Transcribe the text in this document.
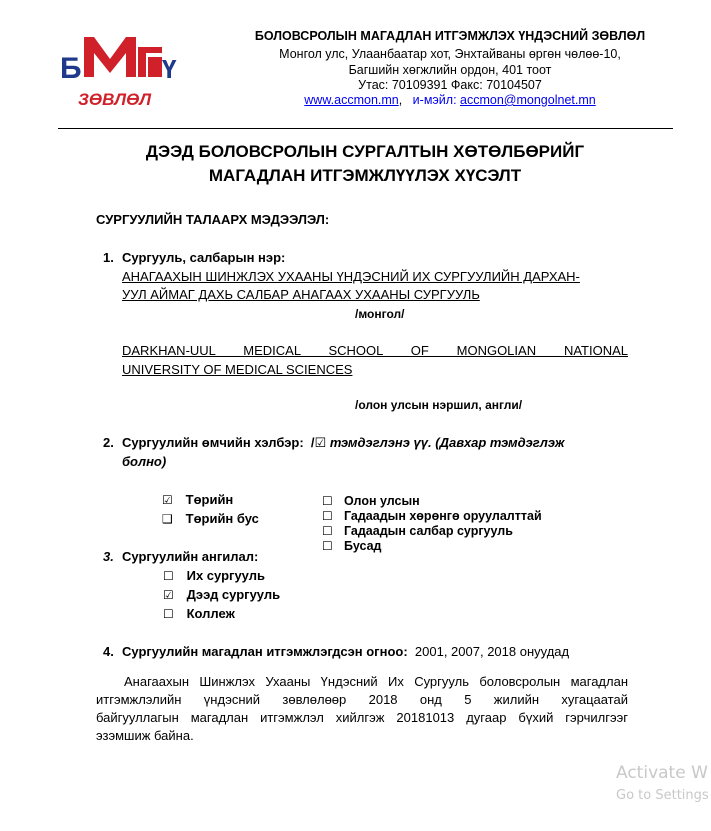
Б	Ү
ЗӨВЛӨЛ
БОЛОВСРОЛЫН МАГАДЛАН ИТГЭМЖЛЭХ ҮНДЭСНИЙ ЗӨВЛӨЛ
Монгол улс, Улаанбаатар хот, Энхтайваны өргөн чөлөө-10,
Багшийн хөгжлийн ордон, 401 тоот
Утас: 70109391 Факс: 70104507
www.accmon.mn,   и-мэйл: accmon@mongolnet.mn
ДЭЭД БОЛОВСРОЛЫН СУРГАЛТЫН ХӨТӨЛБӨРИЙГ
МАГАДЛАН ИТГЭМЖЛҮҮЛЭХ ХҮСЭЛТ
СУРГУУЛИЙН ТАЛААРХ МЭДЭЭЛЭЛ:
1. Сургууль, салбарын нэр:
АНАГААХЫН ШИНЖЛЭХ УХААНЫ ҮНДЭСНИЙ ИХ СУРГУУЛИЙН ДАРХАН-
УУЛ АЙМАГ ДАХЬ САЛБАР АНАГААХ УХААНЫ СУРГУУЛЬ
/монгол/
DARKHAN-UUL MEDICAL SCHOOL OF MONGOLIAN NATIONAL
UNIVERSITY OF MEDICAL SCIENCES
/олон улсын нэршил, англи/
2. Сургуулийн өмчийн хэлбэр: /☑ тэмдэглэнэ үү. (Давхар тэмдэглэж
болно)
☑ Төрийн
❑ Төрийн бус
☐ Олон улсын
☐ Гадаадын хөрөнгө оруулалттай
☐ Гадаадын салбар сургууль
☐ Бусад
3. Сургуулийн ангилал:
☐ Их сургууль
☑ Дээд сургууль
☐ Коллеж
4. Сургуулийн магадлан итгэмжлэгдсэн огноо: 2001, 2007, 2018 онуудад
Анагаахын Шинжлэх Ухааны Үндэсний Их Сургууль боловсролын магадлан
итгэмжлэлийн үндэсний зөвлөлөөр 2018 онд 5 жилийн хугацаатай
байгууллагын магадлан итгэмжлэл хийлгэж 20181013 дугаар бүхий гэрчилгээг
эзэмшиж байна.
Activate W
Go to Settings
